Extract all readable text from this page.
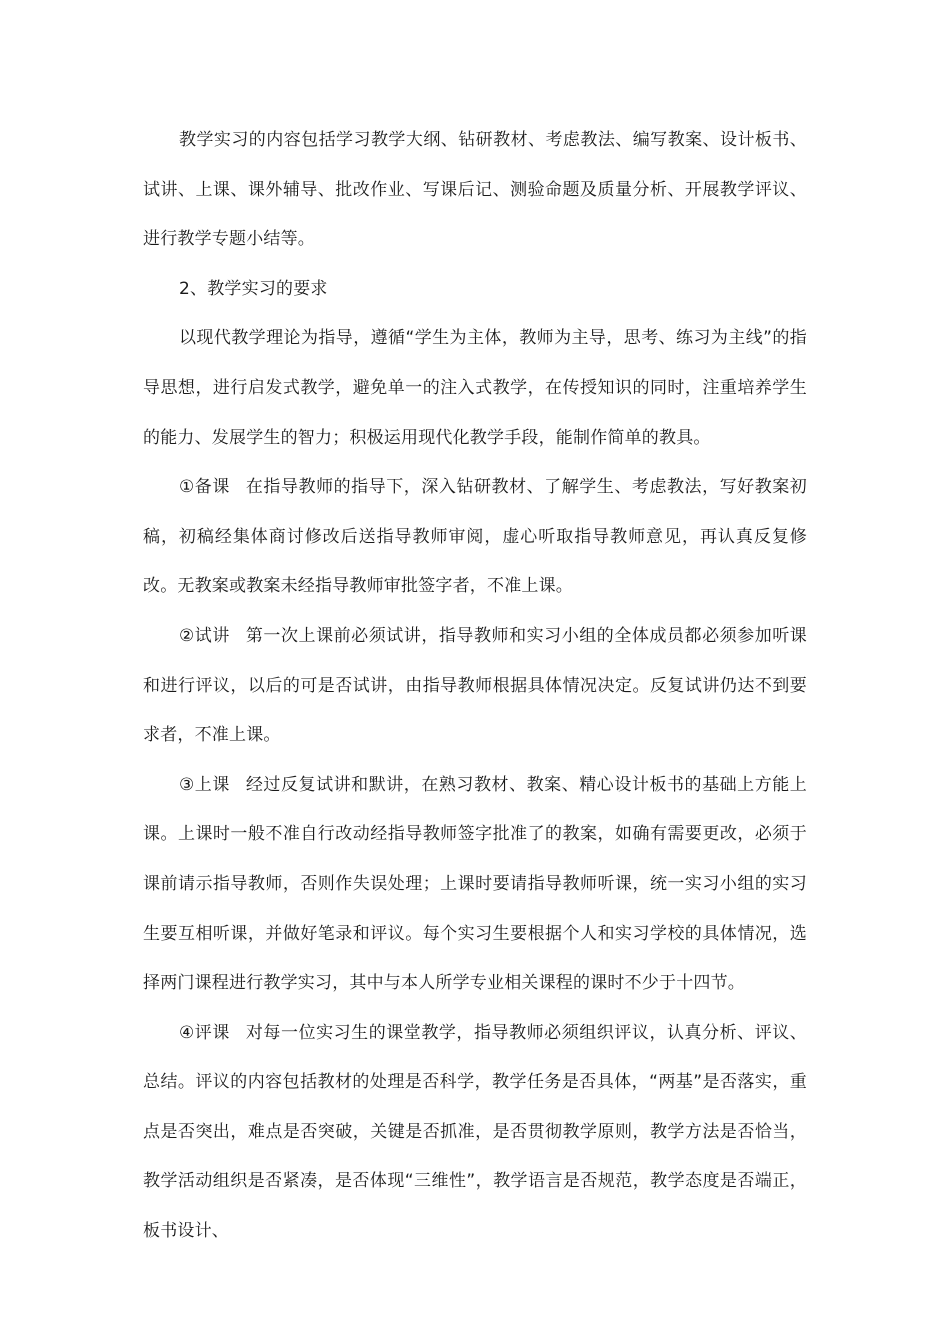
教学实习的内容包括学习教学大纲、钻研教材、考虑教法、编写教案、设计板书、试讲、上课、课外辅导、批改作业、写课后记、测验命题及质量分析、开展教学评议、进行教学专题小结等。

2、教学实习的要求

以现代教学理论为指导，遵循“学生为主体，教师为主导，思考、练习为主线”的指导思想，进行启发式教学，避免单一的注入式教学，在传授知识的同时，注重培养学生的能力、发展学生的智力；积极运用现代化教学手段，能制作简单的教具。

①备课 在指导教师的指导下，深入钻研教材、了解学生、考虑教法，写好教案初稿，初稿经集体商讨修改后送指导教师审阅，虚心听取指导教师意见，再认真反复修改。无教案或教案未经指导教师审批签字者，不准上课。

②试讲 第一次上课前必须试讲，指导教师和实习小组的全体成员都必须参加听课和进行评议，以后的可是否试讲，由指导教师根据具体情况决定。反复试讲仍达不到要求者，不准上课。

③上课 经过反复试讲和默讲，在熟习教材、教案、精心设计板书的基础上方能上课。上课时一般不准自行改动经指导教师签字批准了的教案，如确有需要更改，必须于课前请示指导教师，否则作失误处理；上课时要请指导教师听课，统一实习小组的实习生要互相听课，并做好笔录和评议。每个实习生要根据个人和实习学校的具体情况，选择两门课程进行教学实习，其中与本人所学专业相关课程的课时不少于十四节。

④评课 对每一位实习生的课堂教学，指导教师必须组织评议，认真分析、评议、总结。评议的内容包括教材的处理是否科学，教学任务是否具体，“两基”是否落实，重点是否突出，难点是否突破，关键是否抓准，是否贯彻教学原则，教学方法是否恰当，教学活动组织是否紧凑，是否体现“三维性”，教学语言是否规范，教学态度是否端正，板书设计、
